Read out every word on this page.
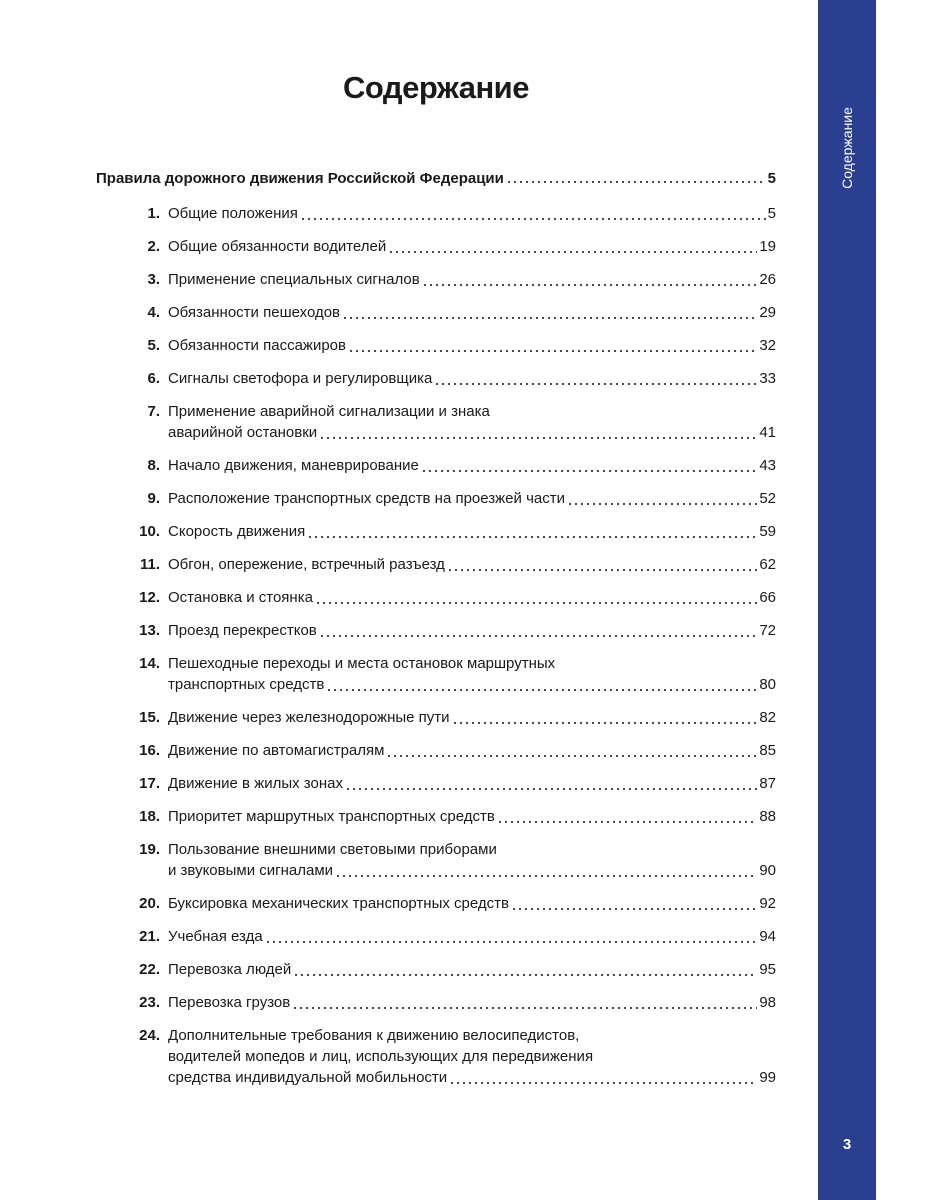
Содержание
3
Содержание
Правила дорожного движения Российской Федерации	5
1. Общие положения	5
2. Общие обязанности водителей	19
3. Применение специальных сигналов	26
4. Обязанности пешеходов	29
5. Обязанности пассажиров	32
6. Сигналы светофора и регулировщика	33
7. Применение аварийной сигнализации и знака
аварийной остановки	41
8. Начало движения, маневрирование	43
9. Расположение транспортных средств на проезжей части	52
10. Скорость движения	59
11. Обгон, опережение, встречный разъезд	62
12. Остановка и стоянка	66
13. Проезд перекрестков	72
14. Пешеходные переходы и места остановок маршрутных
транспортных средств	80
15. Движение через железнодорожные пути	82
16. Движение по автомагистралям	85
17. Движение в жилых зонах	87
18. Приоритет маршрутных транспортных средств	88
19. Пользование внешними световыми приборами
и звуковыми сигналами	90
20. Буксировка механических транспортных средств	92
21. Учебная езда	94
22. Перевозка людей	95
23. Перевозка грузов	98
24. Дополнительные требования к движению велосипедистов,
водителей мопедов и лиц, использующих для передвижения
средства индивидуальной мобильности	99
